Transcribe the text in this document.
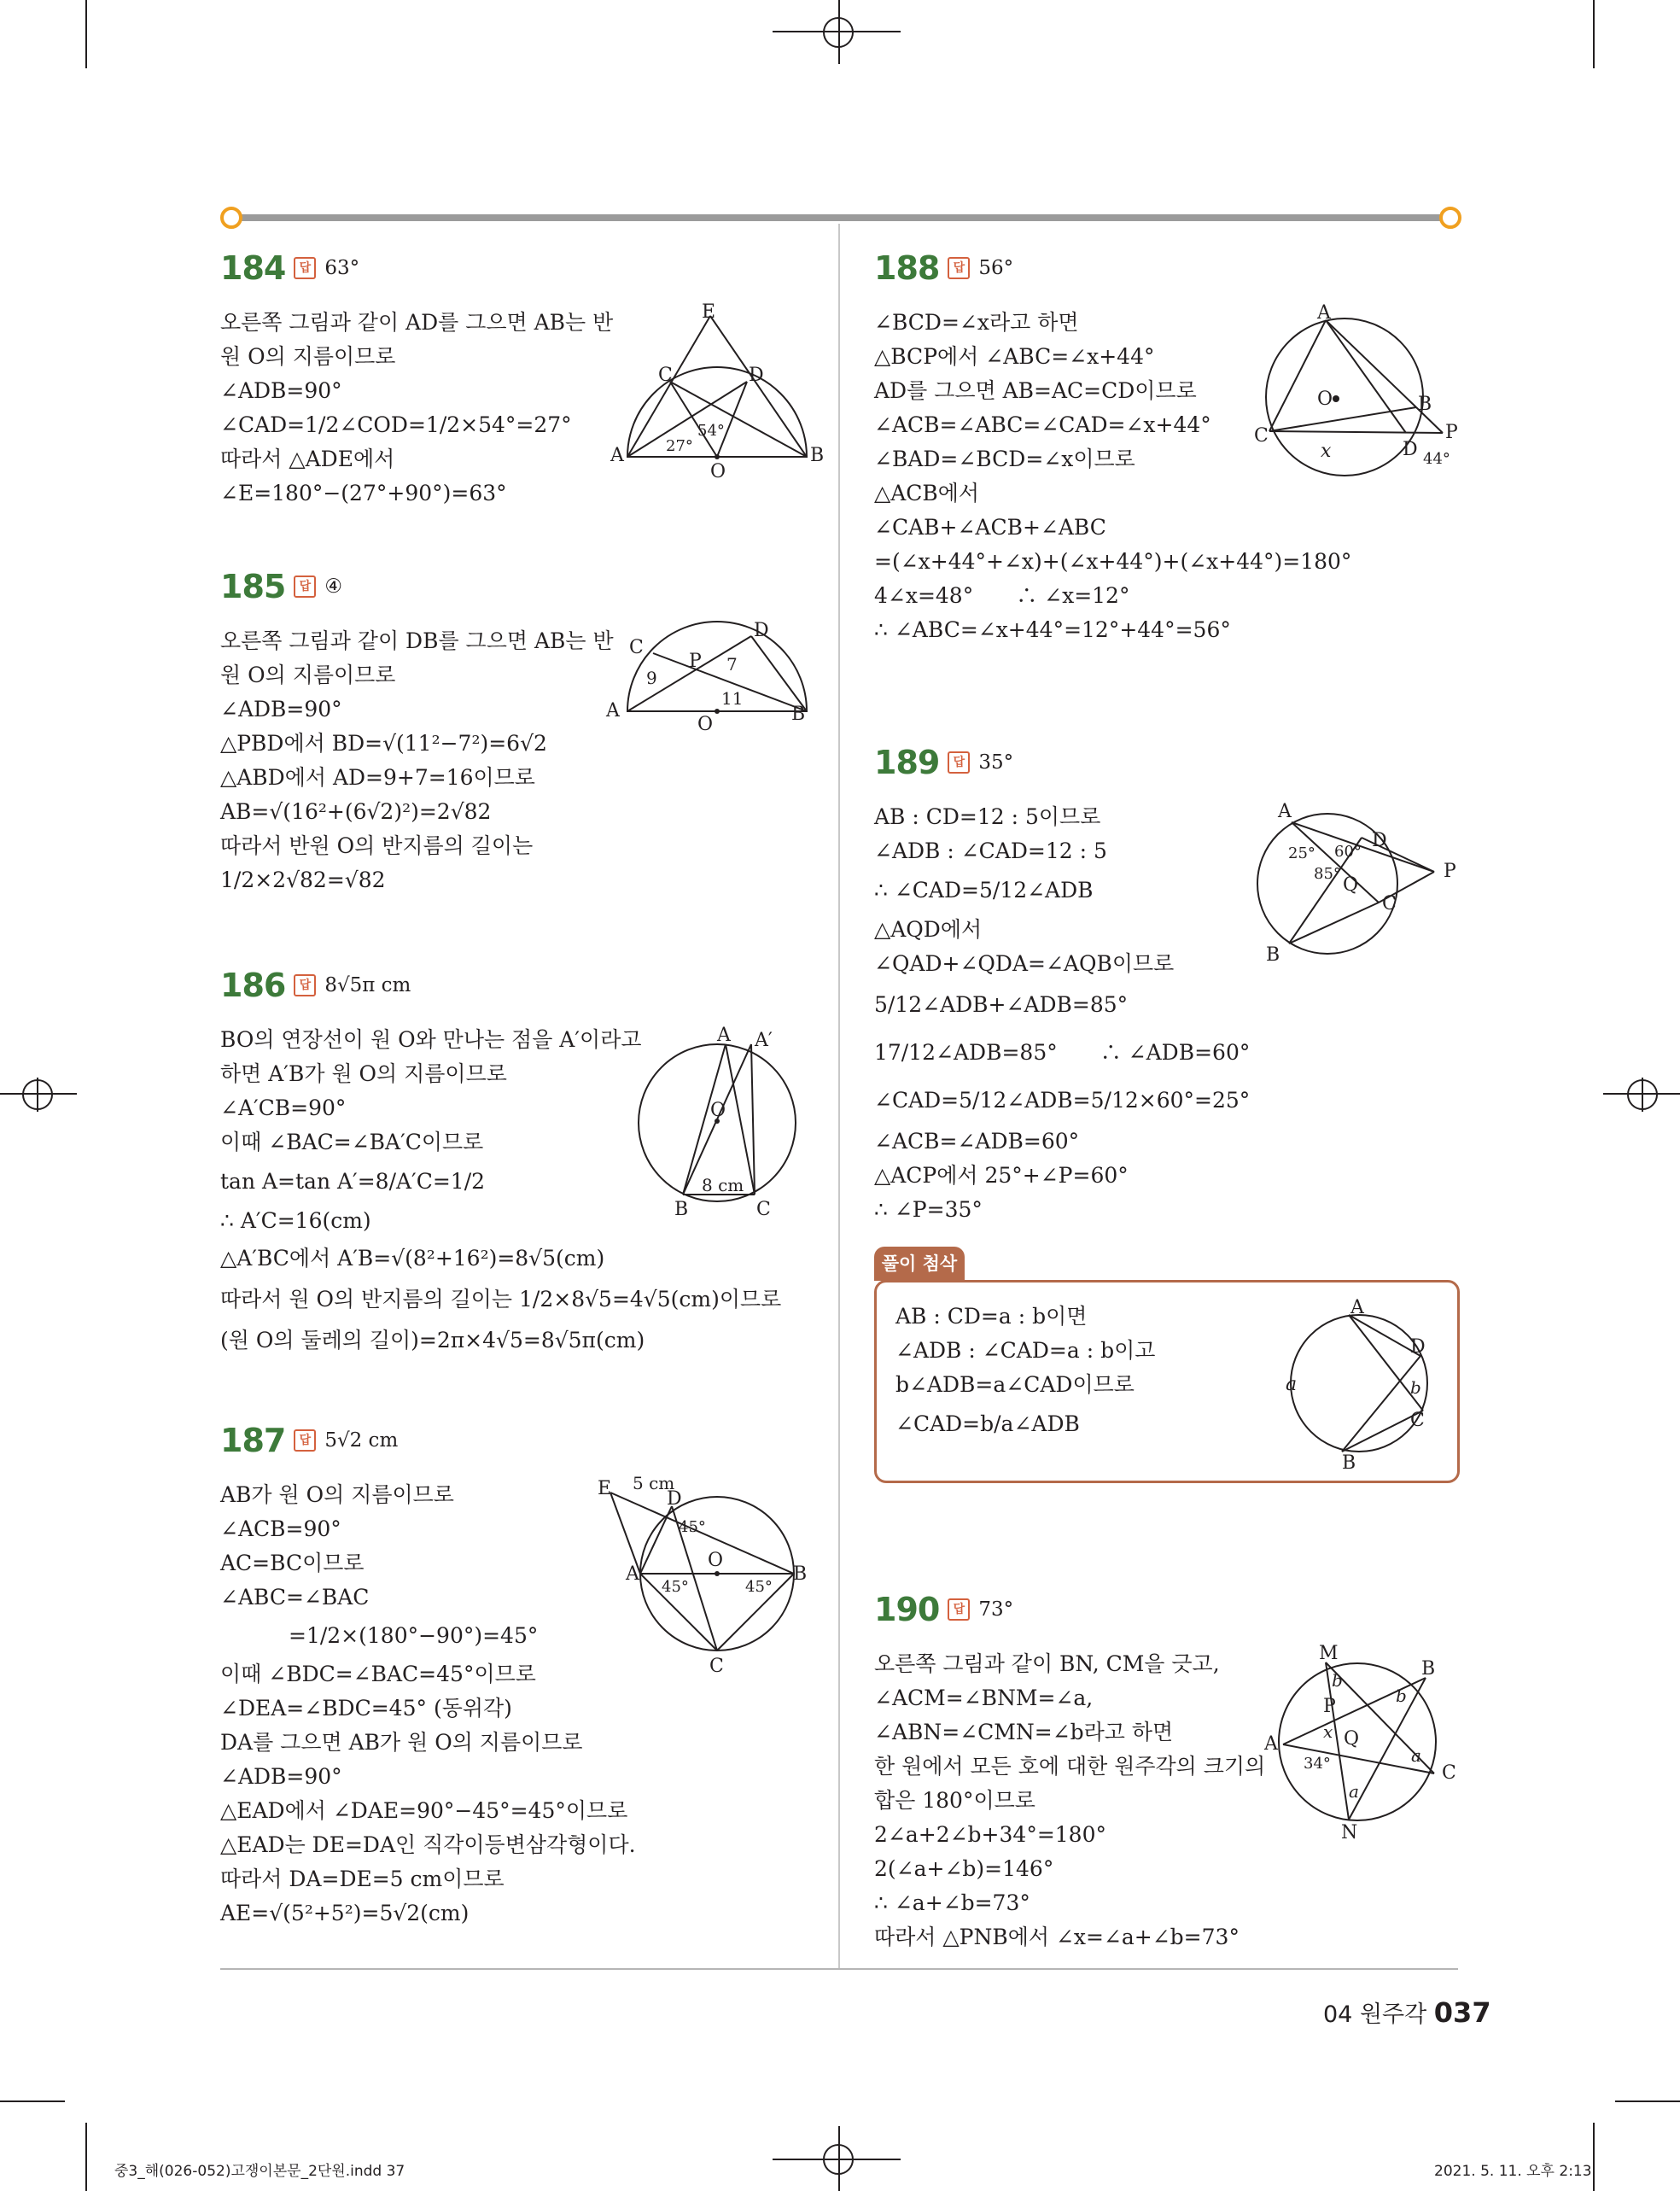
184	답 63°
오른쪽 그림과 같이 AD를 그으면 AB는 반
원 O의 지름이므로
∠ADB=90°
∠CAD=1/2∠COD=1/2×54°=27°
따라서 △ADE에서
∠E=180°−(27°+90°)=63°
E
C	D
A	B
O
54°
27°
185	답 ④
오른쪽 그림과 같이 DB를 그으면 AB는 반
원 O의 지름이므로
∠ADB=90°
△PBD에서 BD=√(11²−7²)=6√2
△ABD에서 AD=9+7=16이므로
AB=√(16²+(6√2)²)=2√82
따라서 반원 O의 반지름의 길이는
1/2×2√82=√82
C
D
P
A	B
O
9
7
11
186	답 8√5π cm
BO의 연장선이 원 O와 만나는 점을 A′이라고
하면 A′B가 원 O의 지름이므로
∠A′CB=90°
이때 ∠BAC=∠BA′C이므로
tan A=tan A′=8/A′C=1/2
∴ A′C=16(cm)
△A′BC에서 A′B=√(8²+16²)=8√5(cm)
따라서 원 O의 반지름의 길이는 1/2×8√5=4√5(cm)이므로
(원 O의 둘레의 길이)=2π×4√5=8√5π(cm)
A A′
O
B	C
8 cm
187	답 5√2 cm
AB가 원 O의 지름이므로
∠ACB=90°
AC=BC이므로
∠ABC=∠BAC
=1/2×(180°−90°)=45°
이때 ∠BDC=∠BAC=45°이므로
∠DEA=∠BDC=45° (동위각)
DA를 그으면 AB가 원 O의 지름이므로
∠ADB=90°
△EAD에서 ∠DAE=90°−45°=45°이므로
△EAD는 DE=DA인 직각이등변삼각형이다.
따라서 DA=DE=5 cm이므로
AE=√(5²+5²)=5√2(cm)
E 5 cm
D
A
O
B
C
45°
45°	45°
188	답 56°
∠BCD=∠x라고 하면
△BCP에서 ∠ABC=∠x+44°
AD를 그으면 AB=AC=CD이므로
∠ACB=∠ABC=∠CAD=∠x+44°
∠BAD=∠BCD=∠x이므로
△ACB에서
∠CAB+∠ACB+∠ABC
=(∠x+44°+∠x)+(∠x+44°)+(∠x+44°)=180°
4∠x=48°　　∴ ∠x=12°
∴ ∠ABC=∠x+44°=12°+44°=56°
A
O	B
C
D
P
x	44°
189	답 35°
AB : CD=12 : 5이므로
∠ADB : ∠CAD=12 : 5
∴ ∠CAD=5/12∠ADB
△AQD에서
∠QAD+∠QDA=∠AQB이므로
5/12∠ADB+∠ADB=85°
17/12∠ADB=85°　　∴ ∠ADB=60°
∠CAD=5/12∠ADB=5/12×60°=25°
∠ACB=∠ADB=60°
△ACP에서 25°+∠P=60°
∴ ∠P=35°
A
D
P
Q
C
B
25° 60°
85°
풀이 첨삭
AB : CD=a : b이면
∠ADB : ∠CAD=a : b이고
b∠ADB=a∠CAD이므로
∠CAD=b/a∠ADB
A
D
C
B
a	b
190	답 73°
오른쪽 그림과 같이 BN, CM을 긋고,
∠ACM=∠BNM=∠a,
∠ABN=∠CMN=∠b라고 하면
한 원에서 모든 호에 대한 원주각의 크기의
합은 180°이므로
2∠a+2∠b+34°=180°
2(∠a+∠b)=146°
∴ ∠a+∠b=73°
따라서 △PNB에서 ∠x=∠a+∠b=73°
M
B
P
A	Q
C
N
x
b
b
a
a
34°
04 원주각 037
중3_해(026-052)고쟁이본문_2단원.indd 37	2021. 5. 11. 오후 2:13
